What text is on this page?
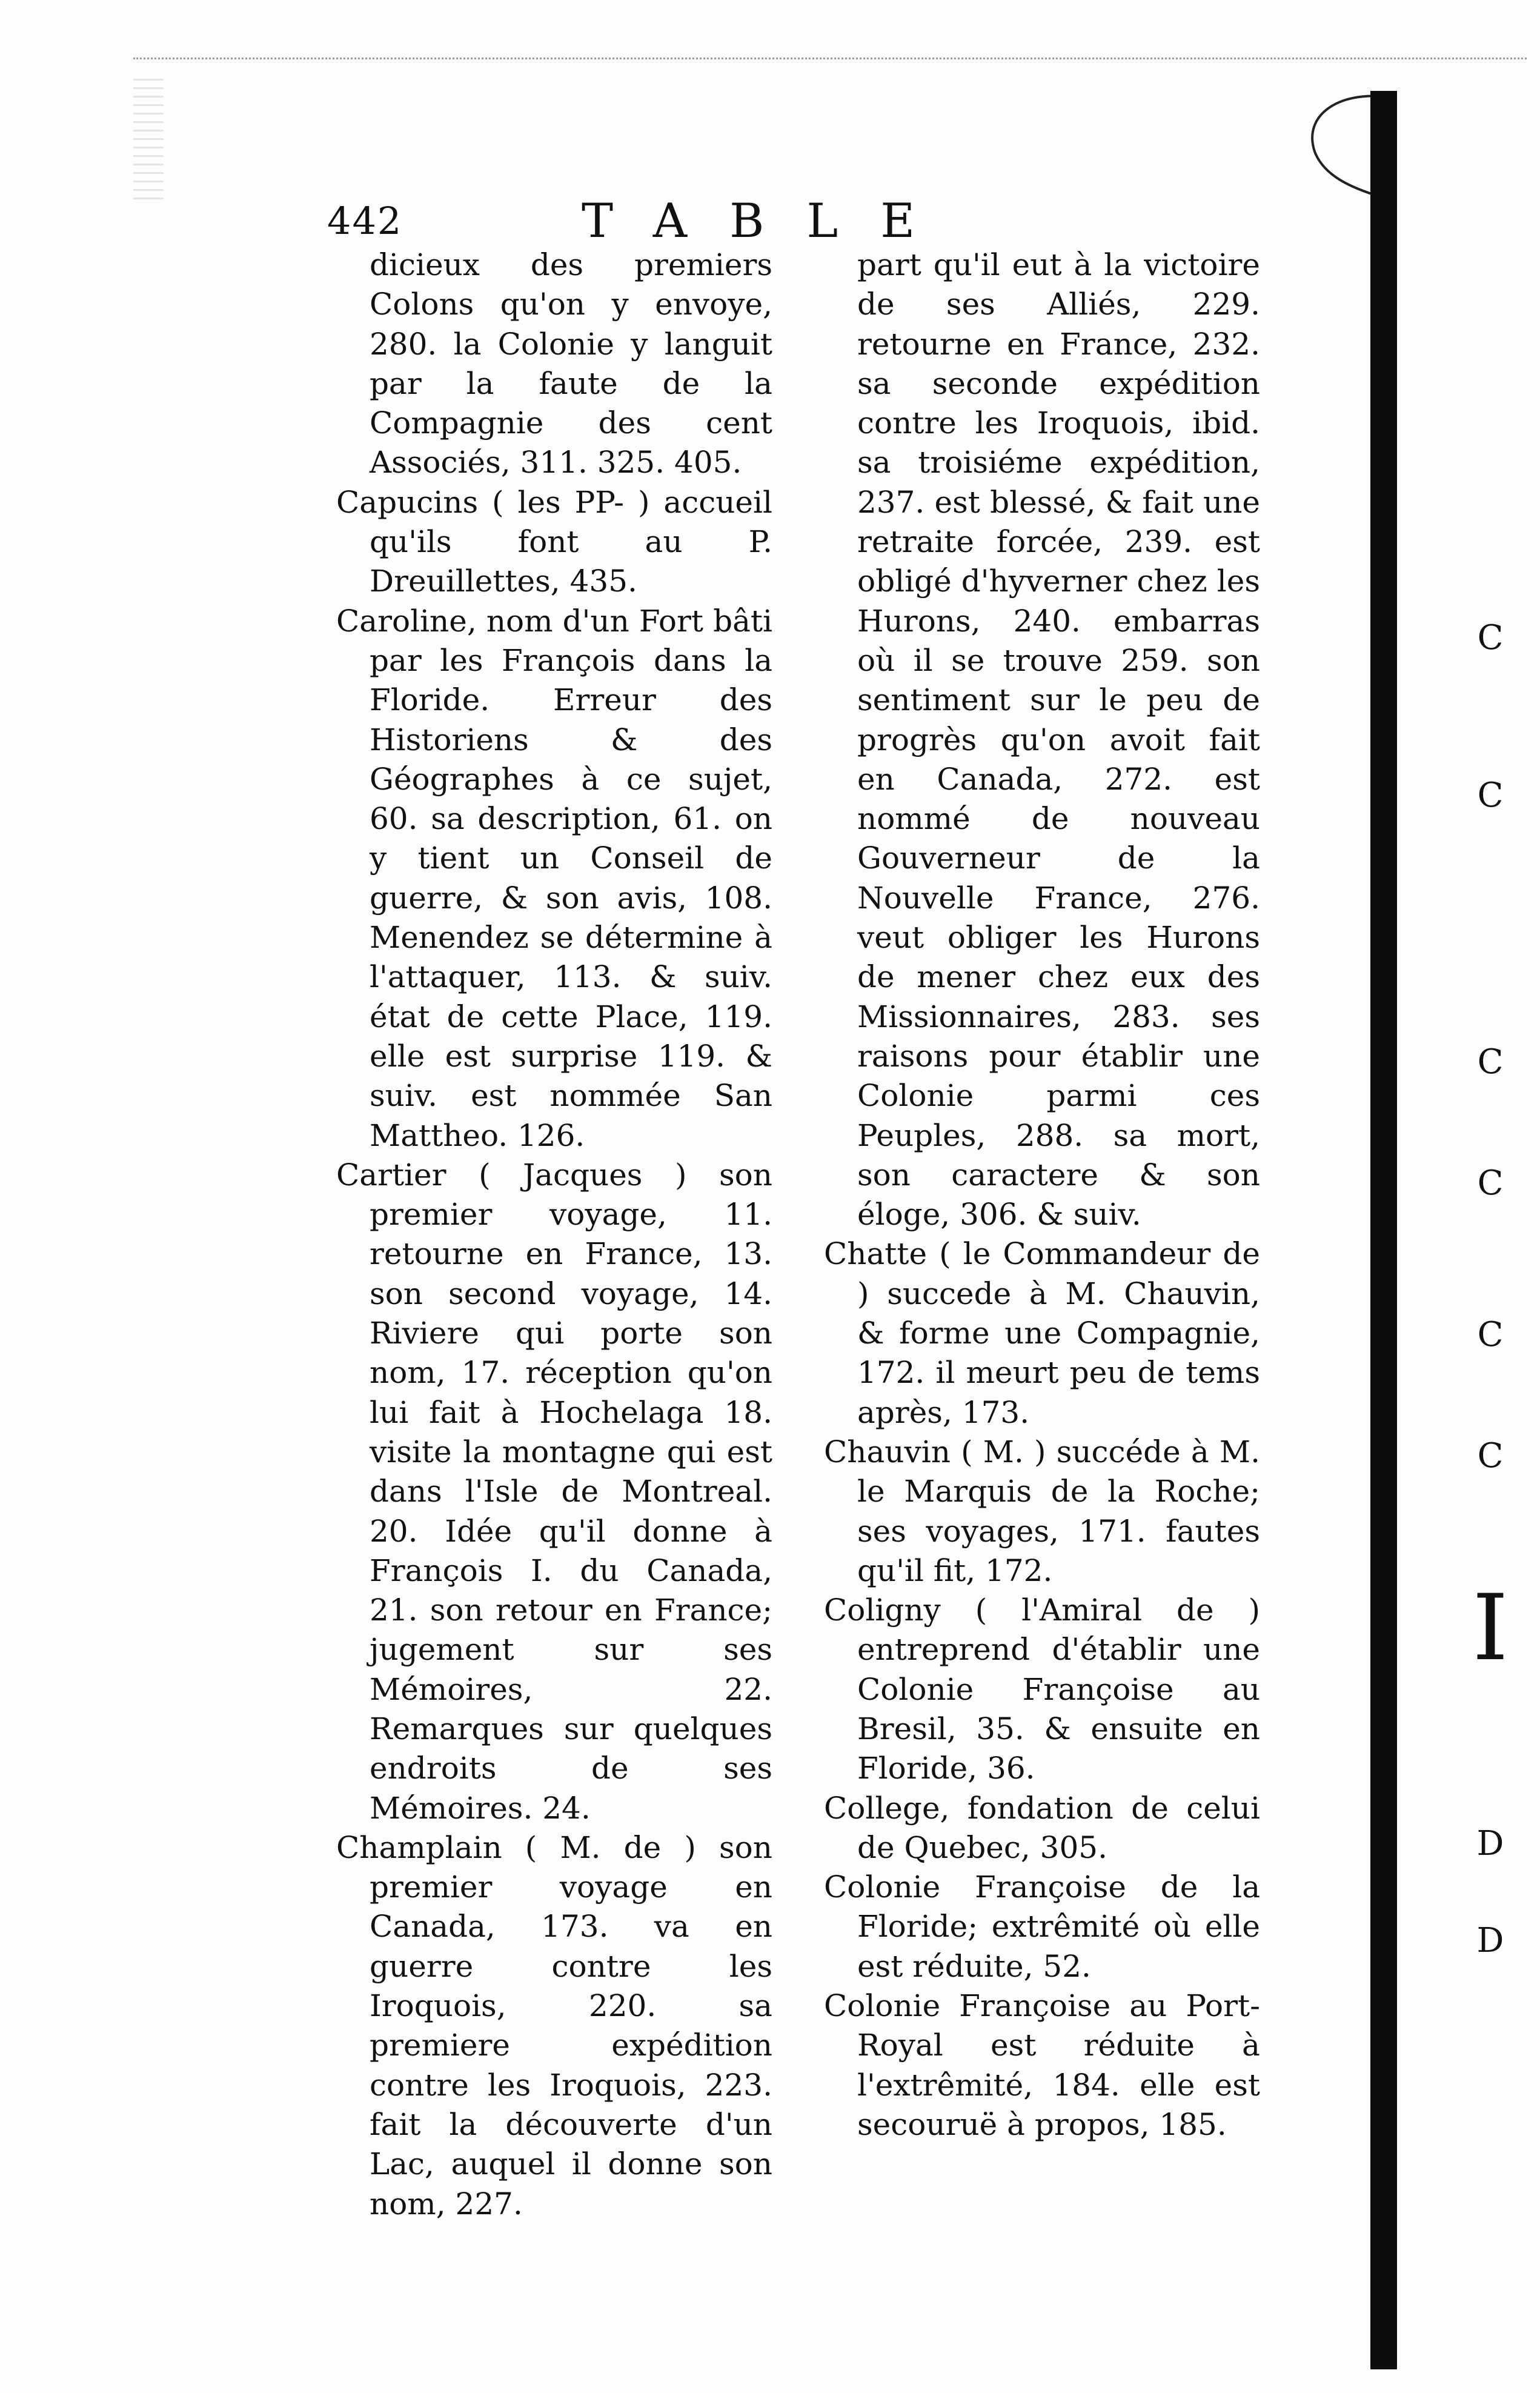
442	TABLE

dicieux des premiers Colons qu'on y envoye, 280. la Colonie y languit par la faute de la Compagnie des cent Associés, 311. 325. 405.

Capucins ( les PP- ) accueil qu'ils font au P. Dreuillettes, 435.

Caroline, nom d'un Fort bâti par les François dans la Floride. Erreur des Historiens & des Géographes à ce sujet, 60. sa description, 61. on y tient un Conseil de guerre, & son avis, 108. Menendez se détermine à l'attaquer, 113. & suiv. état de cette Place, 119. elle est surprise 119. & suiv. est nommée San Mattheo. 126.

Cartier ( Jacques ) son premier voyage, 11. retourne en France, 13. son second voyage, 14. Riviere qui porte son nom, 17. réception qu'on lui fait à Hochelaga 18. visite la montagne qui est dans l'Isle de Montreal. 20. Idée qu'il donne à François I. du Canada, 21. son retour en France; jugement sur ses Mémoires, 22. Remarques sur quelques endroits de ses Mémoires. 24.

Champlain ( M. de ) son premier voyage en Canada, 173. va en guerre contre les Iroquois, 220. sa premiere expédition contre les Iroquois, 223. fait la découverte d'un Lac, auquel il donne son nom, 227.

part qu'il eut à la victoire de ses Alliés, 229. retourne en France, 232. sa seconde expédition contre les Iroquois, ibid. sa troisiéme expédition, 237. est blessé, & fait une retraite forcée, 239. est obligé d'hyverner chez les Hurons, 240. embarras où il se trouve 259. son sentiment sur le peu de progrès qu'on avoit fait en Canada, 272. est nommé de nouveau Gouverneur de la Nouvelle France, 276. veut obliger les Hurons de mener chez eux des Missionnaires, 283. ses raisons pour établir une Colonie parmi ces Peuples, 288. sa mort, son caractere & son éloge, 306. & suiv.

Chatte ( le Commandeur de ) succede à M. Chauvin, & forme une Compagnie, 172. il meurt peu de tems après, 173.

Chauvin ( M. ) succéde à M. le Marquis de la Roche; ses voyages, 171. fautes qu'il fit, 172.

Coligny ( l'Amiral de ) entreprend d'établir une Colonie Françoise au Bresil, 35. & ensuite en Floride, 36.

College, fondation de celui de Quebec, 305.

Colonie Françoise de la Floride; extrêmité où elle est réduite, 52.

Colonie Françoise au Port-Royal est réduite à l'extrêmité, 184. elle est secouruë à propos, 185.

C
C
C
C
C
C
I
D
D
